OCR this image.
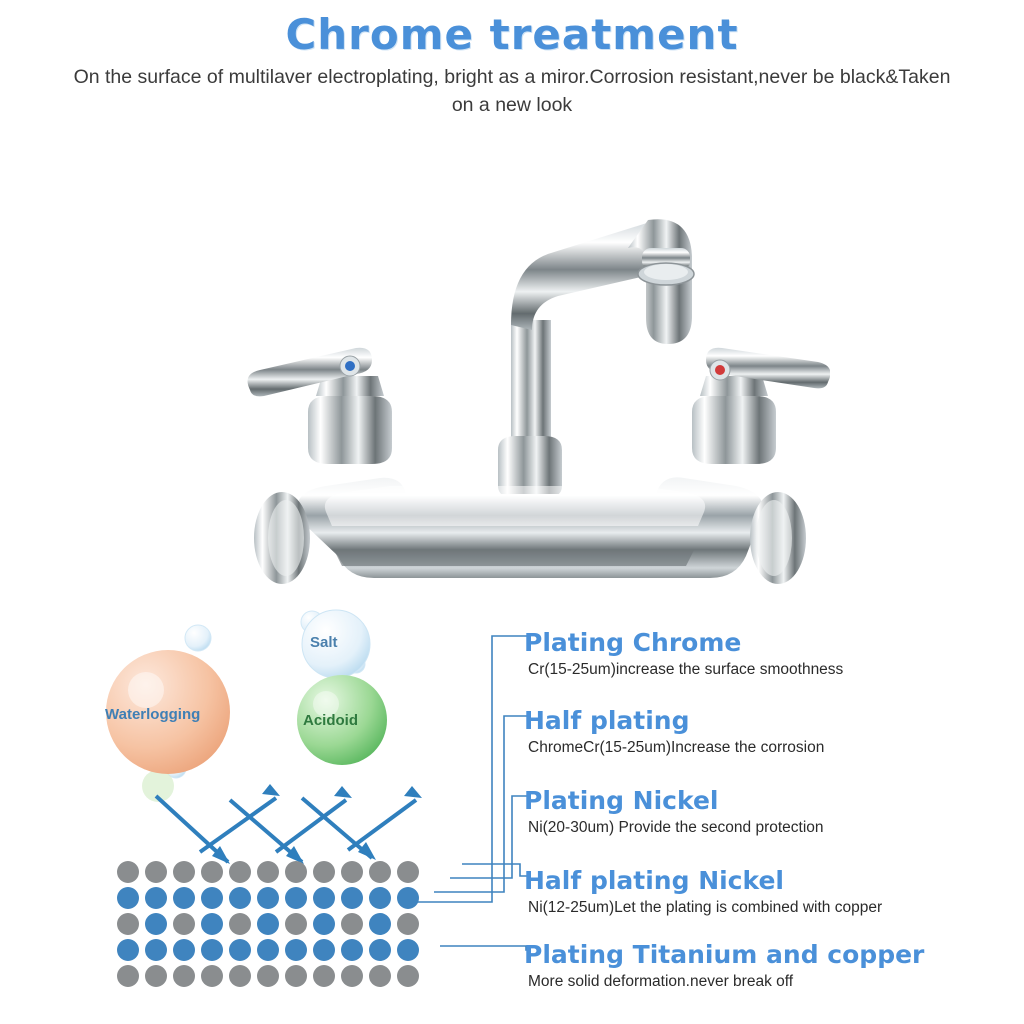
Chrome treatment
On the surface of multilaver electroplating, bright as a miror.Corrosion resistant,never be black&Taken on a new look
Salt
Waterlogging	Acidoid
Plating Chrome

Cr(15-25um)increase the surface smoothness

Half plating

ChromeCr(15-25um)Increase the corrosion

Plating Nickel

Ni(20-30um) Provide the second protection

Half plating Nickel

Ni(12-25um)Let the plating is combined with copper

Plating Titanium and copper

More solid deformation.never break off
